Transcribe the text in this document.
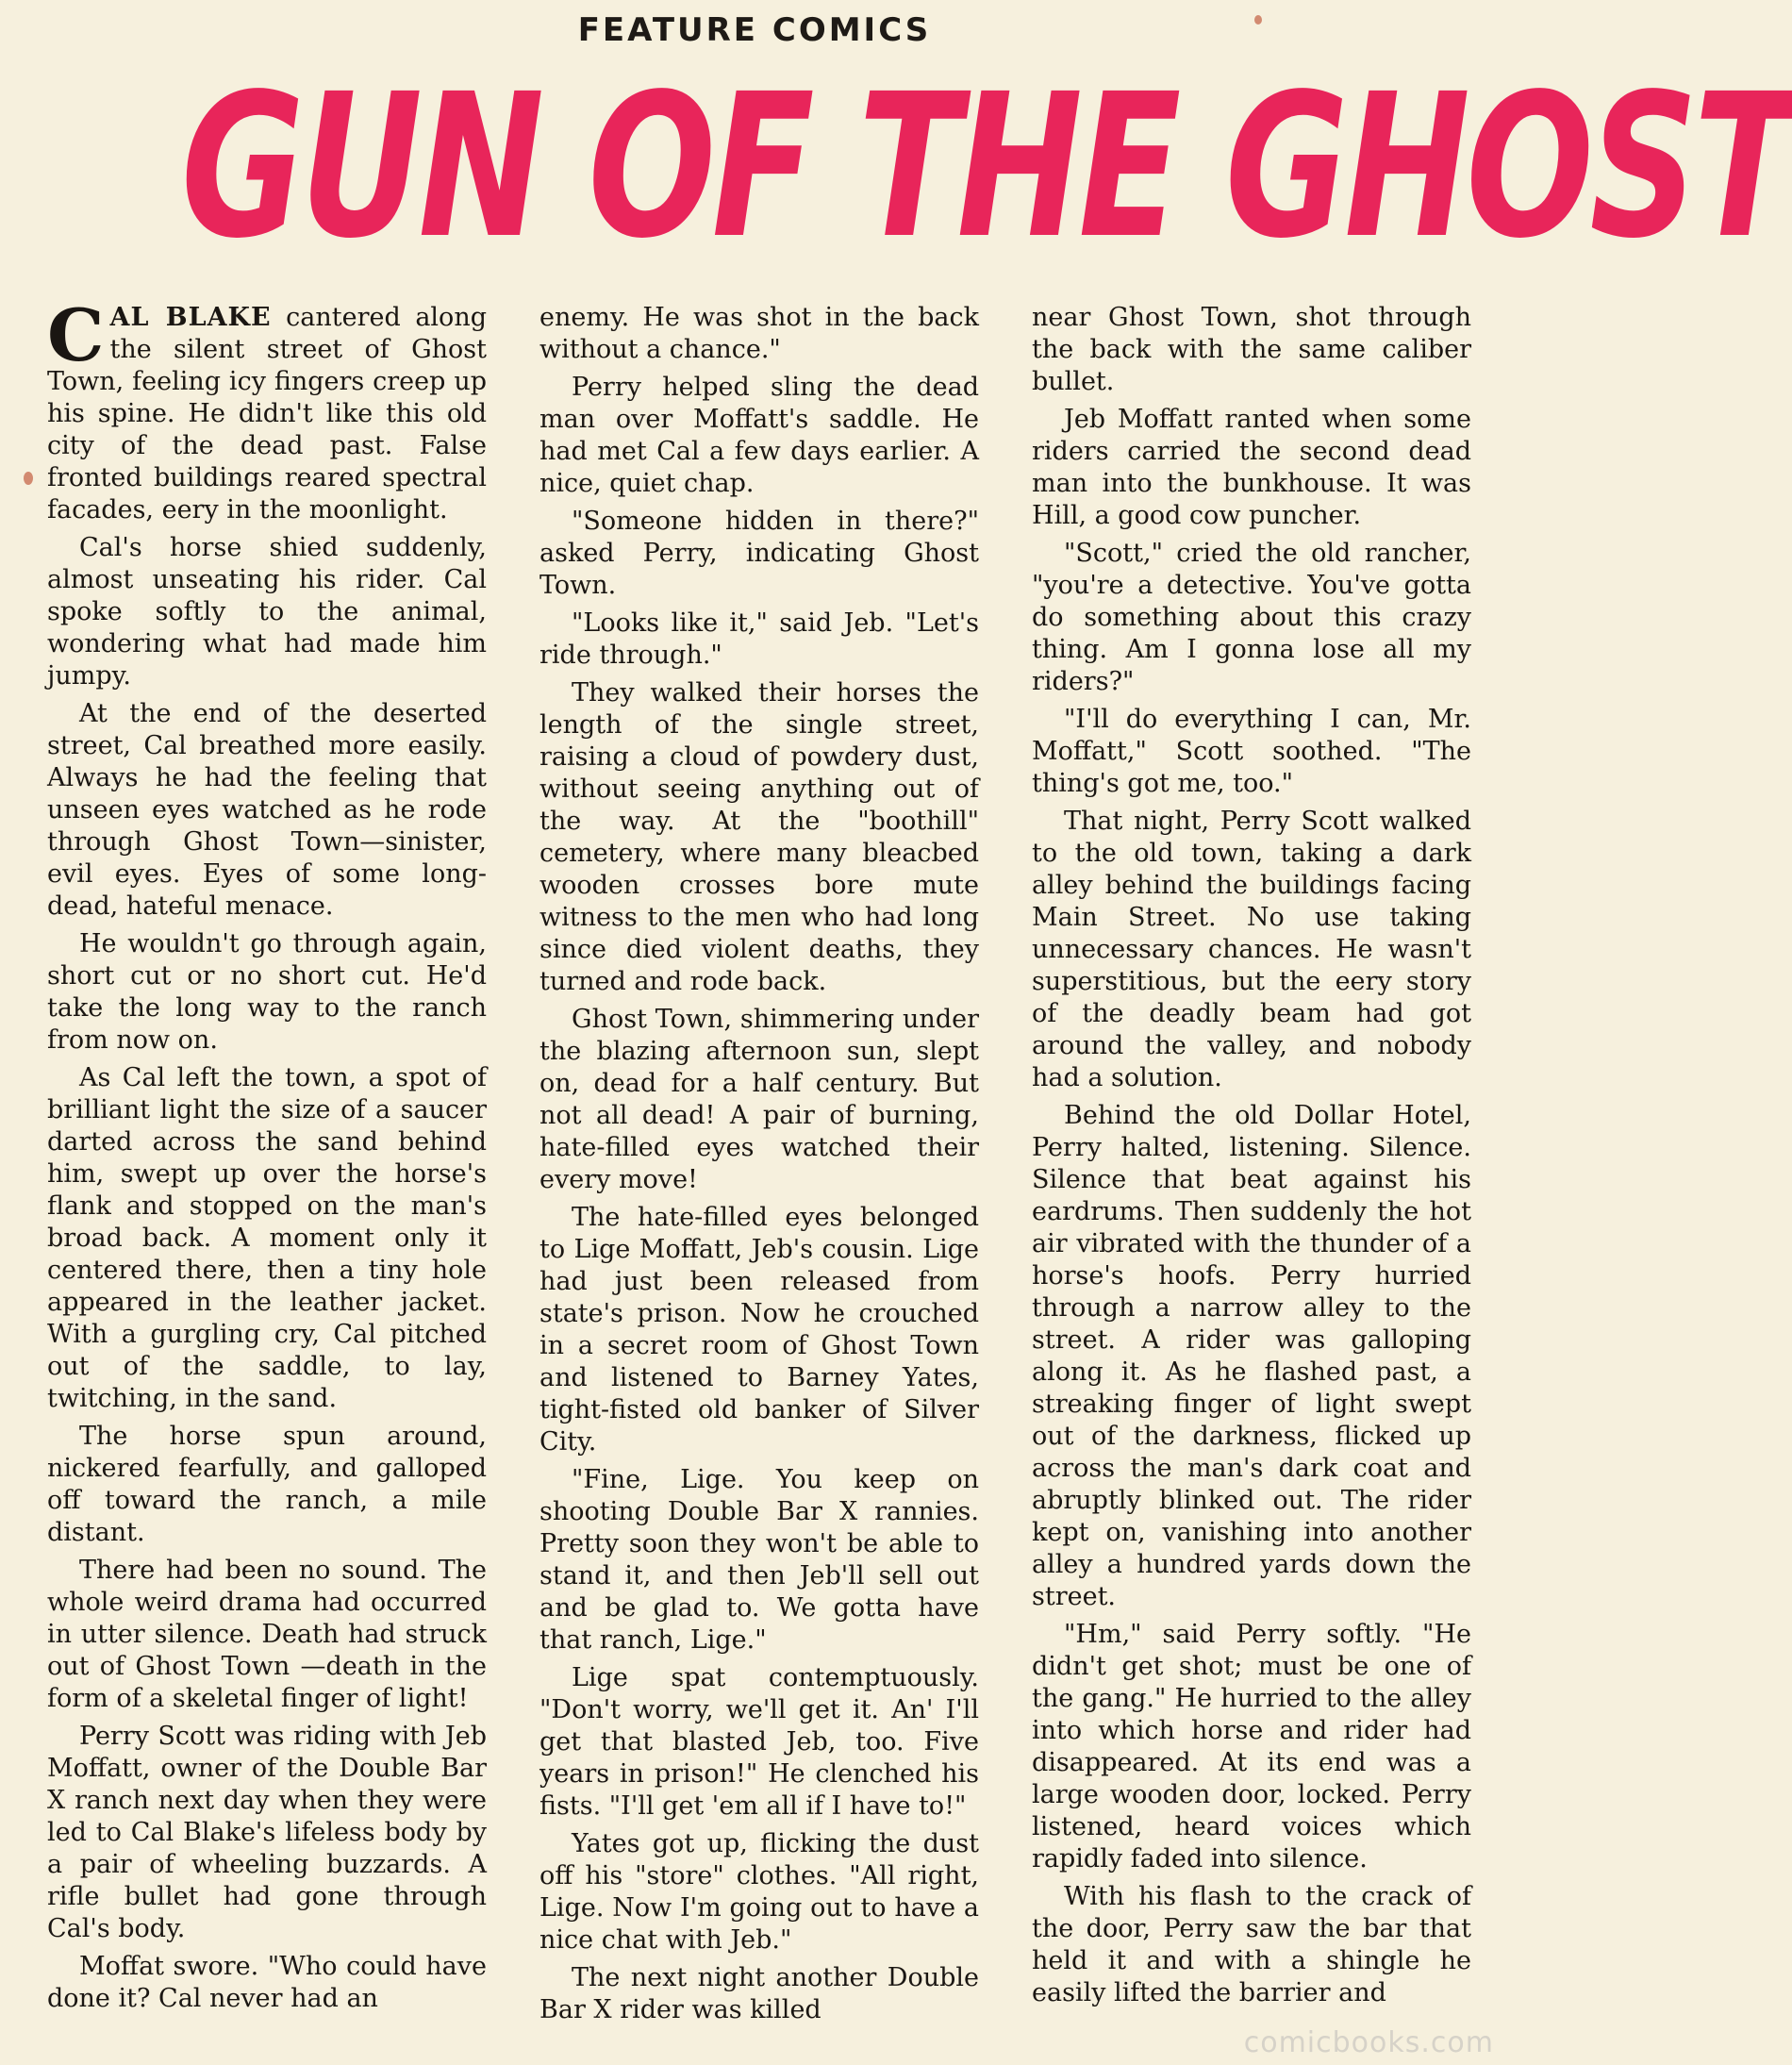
FEATURE COMICS
GUN OF THE GHOST

CAL BLAKE cantered along the silent street of Ghost Town, feeling icy fingers creep up his spine. He didn't like this old city of the dead past. False fronted buildings reared spectral facades, eery in the moonlight.

Cal's horse shied suddenly, almost unseating his rider. Cal spoke softly to the animal, wondering what had made him jumpy.

At the end of the deserted street, Cal breathed more easily. Always he had the feeling that unseen eyes watched as he rode through Ghost Town—sinister, evil eyes. Eyes of some long-dead, hateful menace.

He wouldn't go through again, short cut or no short cut. He'd take the long way to the ranch from now on.

As Cal left the town, a spot of brilliant light the size of a saucer darted across the sand behind him, swept up over the horse's flank and stopped on the man's broad back. A moment only it centered there, then a tiny hole appeared in the leather jacket. With a gurgling cry, Cal pitched out of the saddle, to lay, twitching, in the sand.

The horse spun around, nickered fearfully, and galloped off toward the ranch, a mile distant.

There had been no sound. The whole weird drama had occurred in utter silence. Death had struck out of Ghost Town —death in the form of a skeletal finger of light!

Perry Scott was riding with Jeb Moffatt, owner of the Double Bar X ranch next day when they were led to Cal Blake's lifeless body by a pair of wheeling buzzards. A rifle bullet had gone through Cal's body.

Moffat swore. "Who could have done it? Cal never had an

enemy. He was shot in the back without a chance."

Perry helped sling the dead man over Moffatt's saddle. He had met Cal a few days earlier. A nice, quiet chap.

"Someone hidden in there?" asked Perry, indicating Ghost Town.

"Looks like it," said Jeb. "Let's ride through."

They walked their horses the length of the single street, raising a cloud of powdery dust, without seeing anything out of the way. At the "boothill" cemetery, where many bleacbed wooden crosses bore mute witness to the men who had long since died violent deaths, they turned and rode back.

Ghost Town, shimmering under the blazing afternoon sun, slept on, dead for a half century. But not all dead! A pair of burning, hate-filled eyes watched their every move!

The hate-filled eyes belonged to Lige Moffatt, Jeb's cousin. Lige had just been released from state's prison. Now he crouched in a secret room of Ghost Town and listened to Barney Yates, tight-fisted old banker of Silver City.

"Fine, Lige. You keep on shooting Double Bar X rannies. Pretty soon they won't be able to stand it, and then Jeb'll sell out and be glad to. We gotta have that ranch, Lige."

Lige spat contemptuously. "Don't worry, we'll get it. An' I'll get that blasted Jeb, too. Five years in prison!" He clenched his fists. "I'll get 'em all if I have to!"

Yates got up, flicking the dust off his "store" clothes. "All right, Lige. Now I'm going out to have a nice chat with Jeb."

The next night another Double Bar X rider was killed

near Ghost Town, shot through the back with the same caliber bullet.

Jeb Moffatt ranted when some riders carried the second dead man into the bunkhouse. It was Hill, a good cow puncher.

"Scott," cried the old rancher, "you're a detective. You've gotta do something about this crazy thing. Am I gonna lose all my riders?"

"I'll do everything I can, Mr. Moffatt," Scott soothed. "The thing's got me, too."

That night, Perry Scott walked to the old town, taking a dark alley behind the buildings facing Main Street. No use taking unnecessary chances. He wasn't superstitious, but the eery story of the deadly beam had got around the valley, and nobody had a solution.

Behind the old Dollar Hotel, Perry halted, listening. Silence. Silence that beat against his eardrums. Then suddenly the hot air vibrated with the thunder of a horse's hoofs. Perry hurried through a narrow alley to the street. A rider was galloping along it. As he flashed past, a streaking finger of light swept out of the darkness, flicked up across the man's dark coat and abruptly blinked out. The rider kept on, vanishing into another alley a hundred yards down the street.

"Hm," said Perry softly. "He didn't get shot; must be one of the gang." He hurried to the alley into which horse and rider had disappeared. At its end was a large wooden door, locked. Perry listened, heard voices which rapidly faded into silence.

With his flash to the crack of the door, Perry saw the bar that held it and with a shingle he easily lifted the barrier and

comicbooks.com
